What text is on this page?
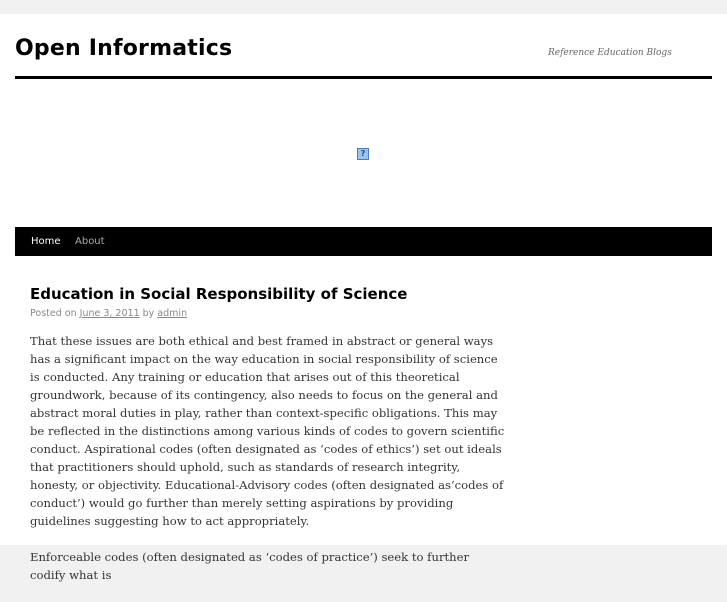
Open Informatics	Reference Education Blogs
?
Home About
Education in Social Responsibility of Science
Posted on June 3, 2011 by admin

That these issues are both ethical and best framed in abstract or general ways has a significant impact on the way education in social responsibility of science is conducted. Any training or education that arises out of this theoretical groundwork, because of its contingency, also needs to focus on the general and abstract moral duties in play, rather than context-specific obligations. This may be reflected in the distinctions among various kinds of codes to govern scientific conduct. Aspirational codes (often designated as ‘codes of ethics’) set out ideals that practitioners should uphold, such as standards of research integrity, honesty, or objectivity. Educational-Advisory codes (often designated as‘codes of conduct’) would go further than merely setting aspirations by providing guidelines suggesting how to act appropriately.

Enforceable codes (often designated as ‘codes of practice’) seek to further codify what is
